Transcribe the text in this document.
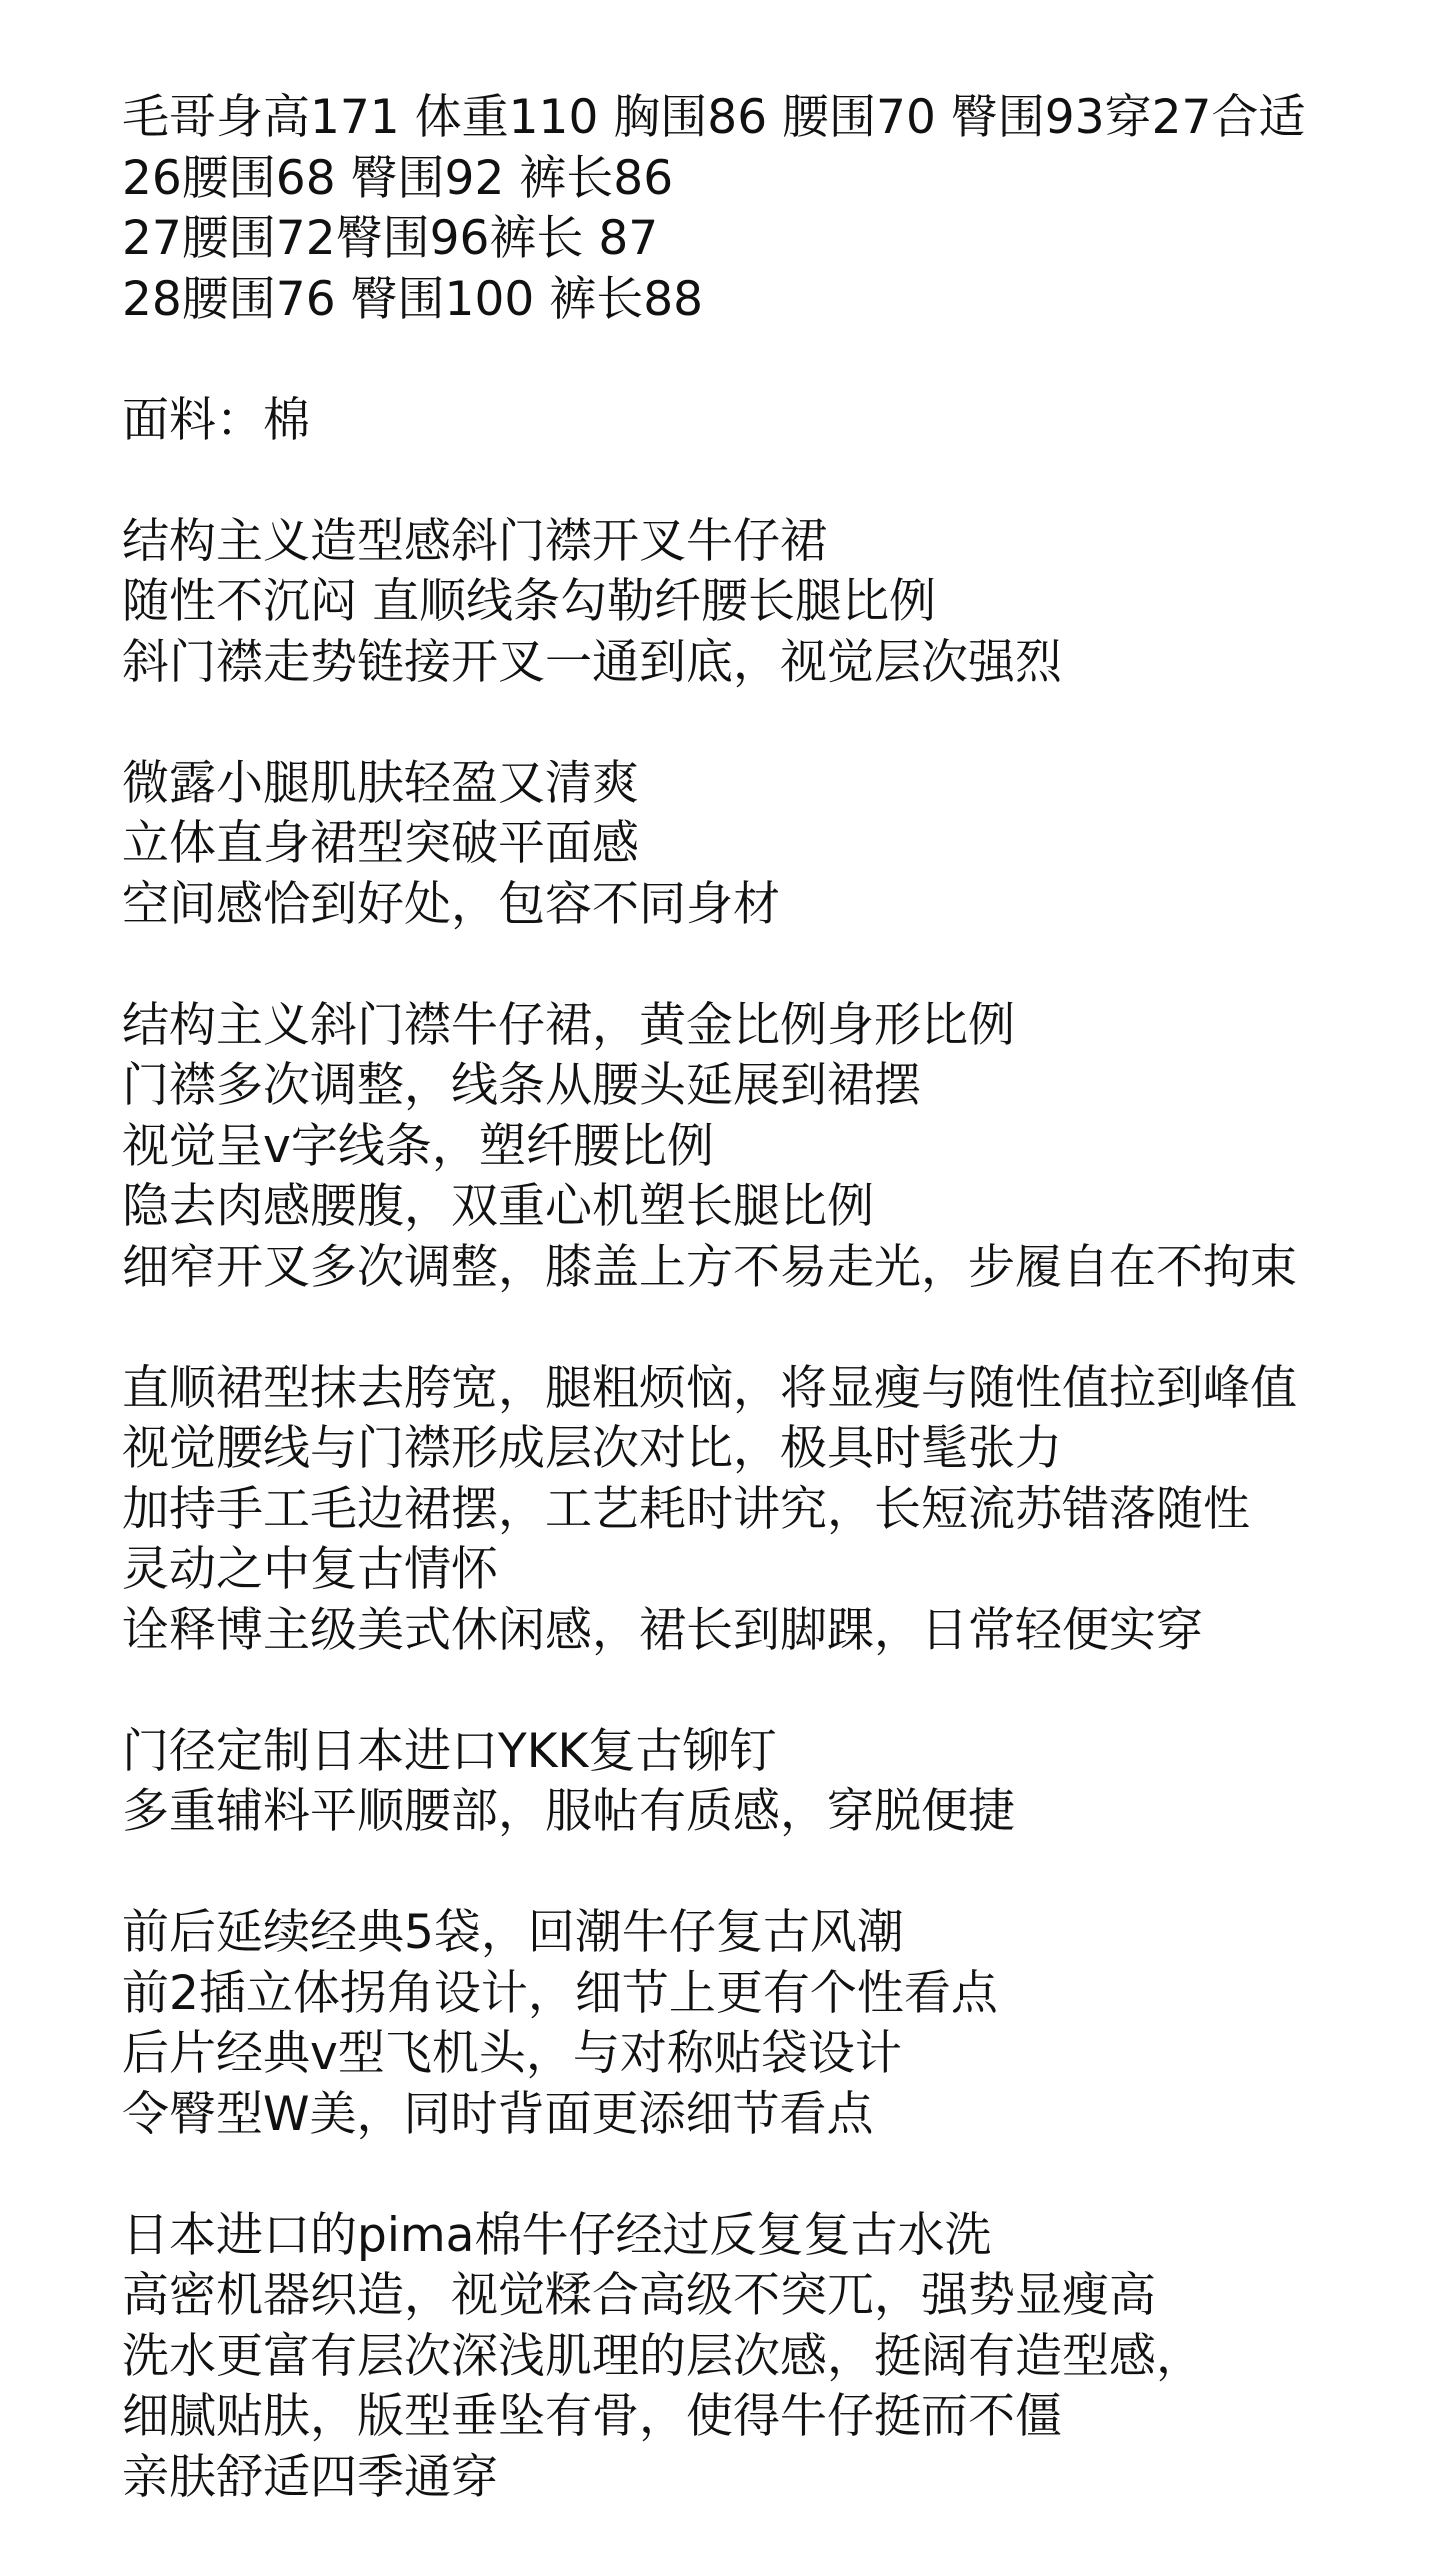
毛哥身高171 体重110 胸围86 腰围70 臀围93穿27合适
26腰围68 臀围92 裤长86
27腰围72臀围96裤长 87
28腰围76 臀围100 裤长88
面料：棉
结构主义造型感斜门襟开叉牛仔裙
随性不沉闷 直顺线条勾勒纤腰长腿比例
斜门襟走势链接开叉一通到底，视觉层次强烈
微露小腿肌肤轻盈又清爽
立体直身裙型突破平面感
空间感恰到好处，包容不同身材
结构主义斜门襟牛仔裙，黄金比例身形比例
门襟多次调整，线条从腰头延展到裙摆
视觉呈v字线条，塑纤腰比例
隐去肉感腰腹，双重心机塑长腿比例
细窄开叉多次调整，膝盖上方不易走光，步履自在不拘束
直顺裙型抹去胯宽，腿粗烦恼，将显瘦与随性值拉到峰值
视觉腰线与门襟形成层次对比，极具时髦张力
加持手工毛边裙摆，工艺耗时讲究，长短流苏错落随性
灵动之中复古情怀
诠释博主级美式休闲感，裙长到脚踝，日常轻便实穿
门径定制日本进口YKK复古铆钉
多重辅料平顺腰部，服帖有质感，穿脱便捷
前后延续经典5袋，回潮牛仔复古风潮
前2插立体拐角设计，细节上更有个性看点
后片经典v型飞机头，与对称贴袋设计
令臀型W美，同时背面更添细节看点
日本进口的pima棉牛仔经过反复复古水洗
高密机器织造，视觉糅合高级不突兀，强势显瘦高
洗水更富有层次深浅肌理的层次感，挺阔有造型感，
细腻贴肤，版型垂坠有骨，使得牛仔挺而不僵
亲肤舒适四季通穿
